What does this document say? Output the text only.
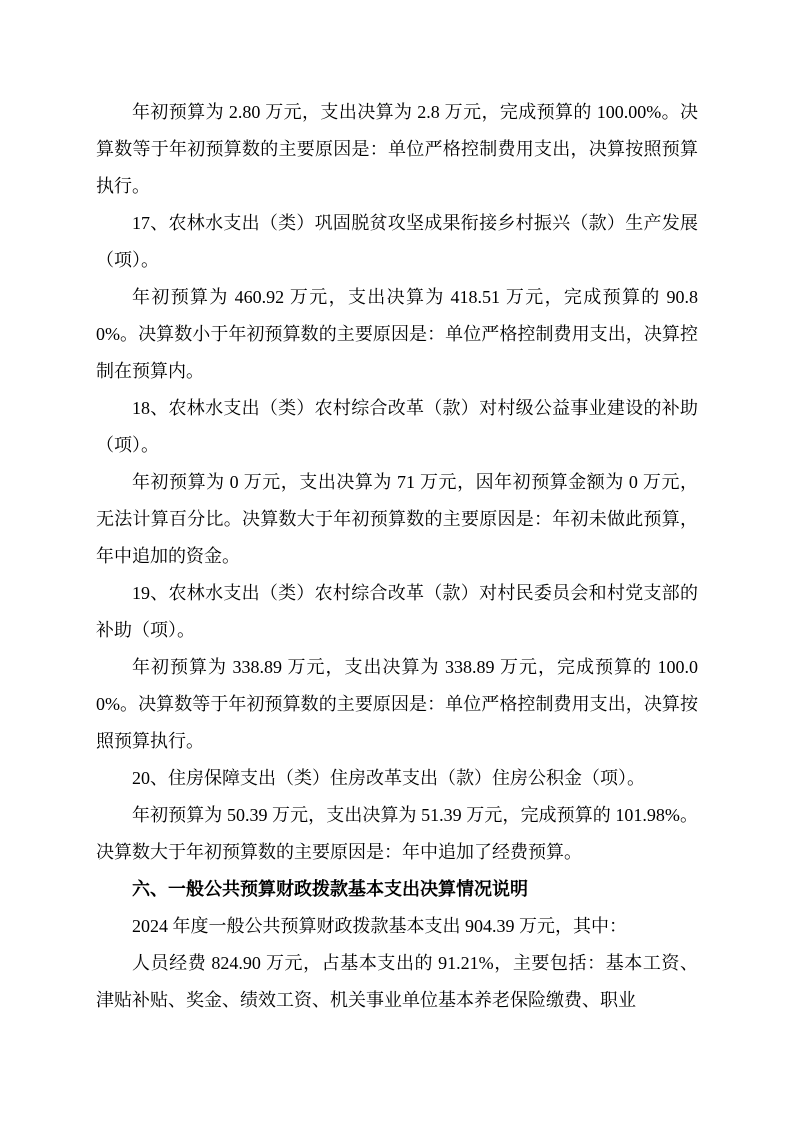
年初预算为 2.80 万元，支出决算为 2.8 万元，完成预算的 100.00%。决算数等于年初预算数的主要原因是：单位严格控制费用支出，决算按照预算执行。

17、农林水支出（类）巩固脱贫攻坚成果衔接乡村振兴（款）生产发展（项）。

年初预算为 460.92 万元，支出决算为 418.51 万元，完成预算的 90.80%。决算数小于年初预算数的主要原因是：单位严格控制费用支出，决算控制在预算内。

18、农林水支出（类）农村综合改革（款）对村级公益事业建设的补助（项）。

年初预算为 0 万元，支出决算为 71 万元，因年初预算金额为 0 万元，无法计算百分比。决算数大于年初预算数的主要原因是：年初未做此预算，年中追加的资金。

19、农林水支出（类）农村综合改革（款）对村民委员会和村党支部的补助（项）。

年初预算为 338.89 万元，支出决算为 338.89 万元，完成预算的 100.00%。决算数等于年初预算数的主要原因是：单位严格控制费用支出，决算按照预算执行。

20、住房保障支出（类）住房改革支出（款）住房公积金（项）。

年初预算为 50.39 万元，支出决算为 51.39 万元，完成预算的 101.98%。决算数大于年初预算数的主要原因是：年中追加了经费预算。

六、一般公共预算财政拨款基本支出决算情况说明

2024 年度一般公共预算财政拨款基本支出 904.39 万元，其中：

人员经费 824.90 万元，占基本支出的 91.21%，主要包括：基本工资、津贴补贴、奖金、绩效工资、机关事业单位基本养老保险缴费、职业
